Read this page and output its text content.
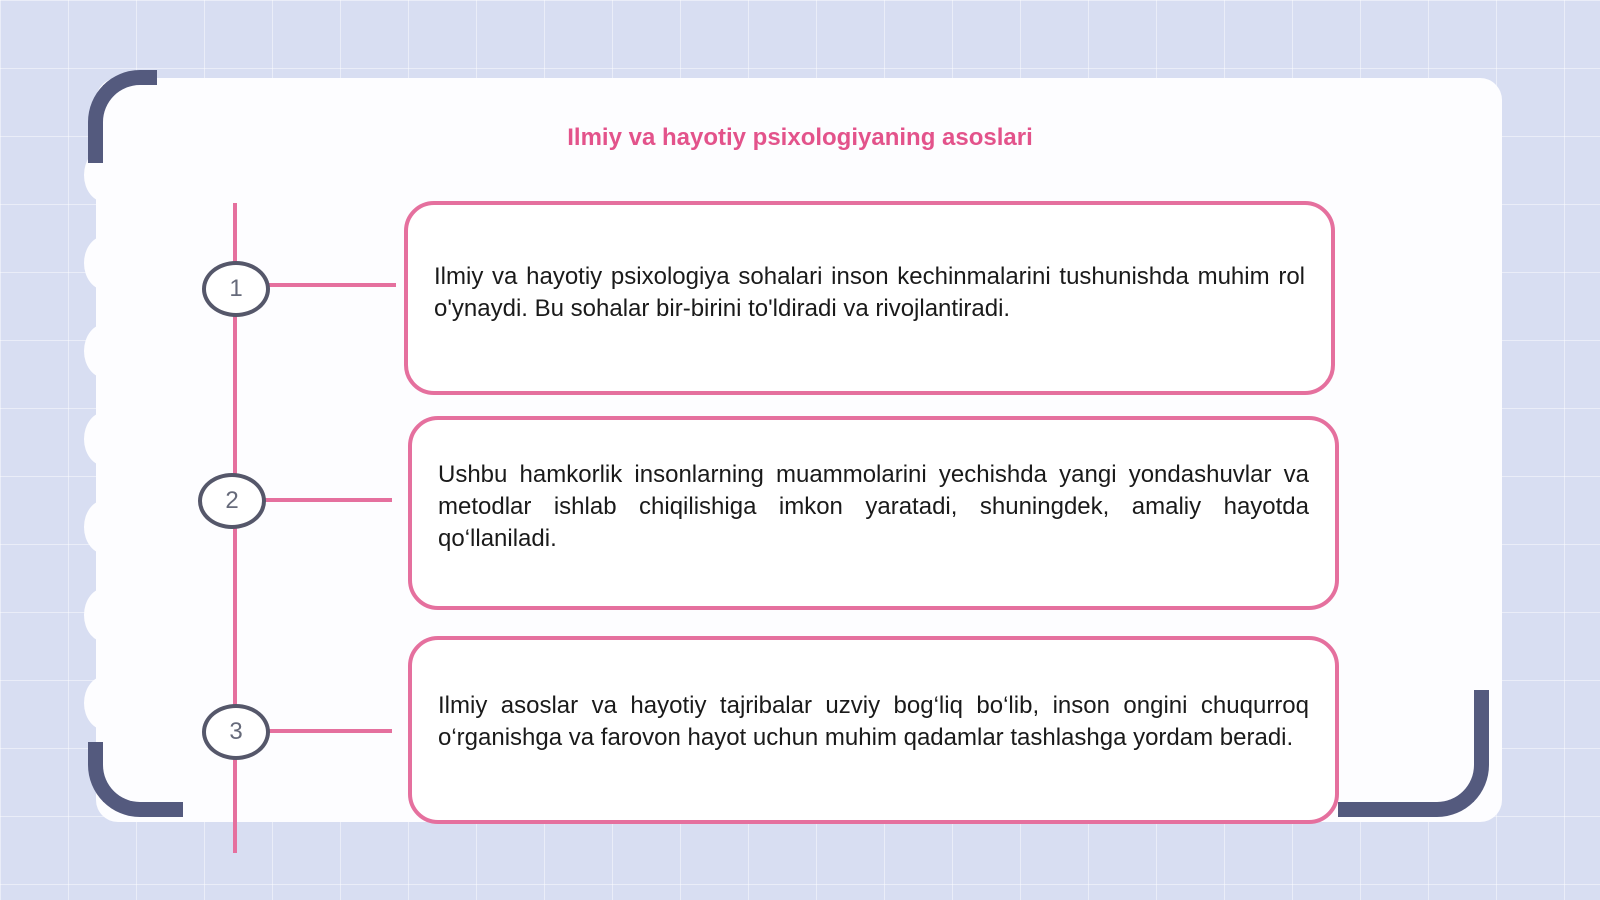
Ilmiy va hayotiy psixologiyaning asoslari
1
2
3

Ilmiy va hayotiy psixologiya sohalari inson kechinmalarini tushunishda muhim rol o'ynaydi. Bu sohalar bir-birini to'ldiradi va rivojlantiradi.

Ushbu hamkorlik insonlarning muammolarini yechishda yangi yondashuvlar va metodlar ishlab chiqilishiga imkon yaratadi, shuningdek, amaliy hayotda qo‘llaniladi.

Ilmiy asoslar va hayotiy tajribalar uzviy bog‘liq bo‘lib, inson ongini chuqurroq o‘rganishga va farovon hayot uchun muhim qadamlar tashlashga yordam beradi.
